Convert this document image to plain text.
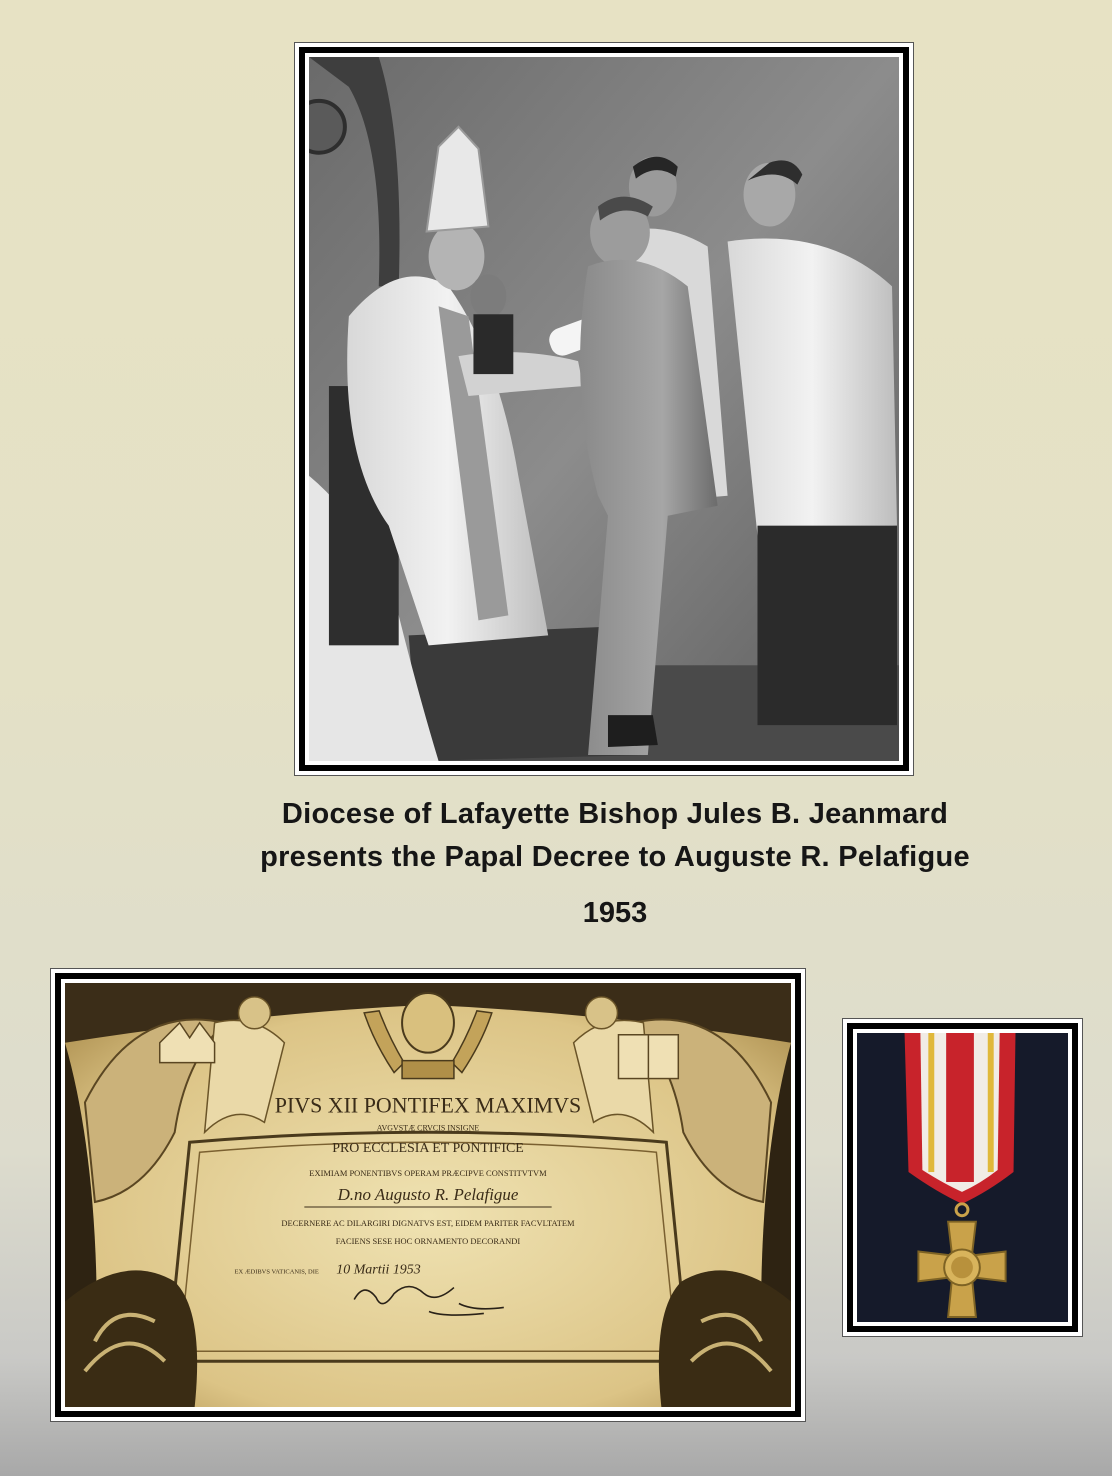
Diocese of Lafayette Bishop Jules B. Jeanmard
presents the Papal Decree to Auguste R. Pelafigue
1953
PIVS XII PONTIFEX MAXIMVS
AVGVSTÆ CRVCIS INSIGNE
PRO ECCLESIA ET PONTIFICE
EXIMIAM PONENTIBVS OPERAM PRÆCIPVE CONSTITVTVM
D.no Augusto R. Pelafigue
DECERNERE AC DILARGIRI DIGNATVS EST, EIDEM PARITER FACVLTATEM
FACIENS SESE HOC ORNAMENTO DECORANDI
EX ÆDIBVS VATICANIS, DIE 10 Martii 1953
